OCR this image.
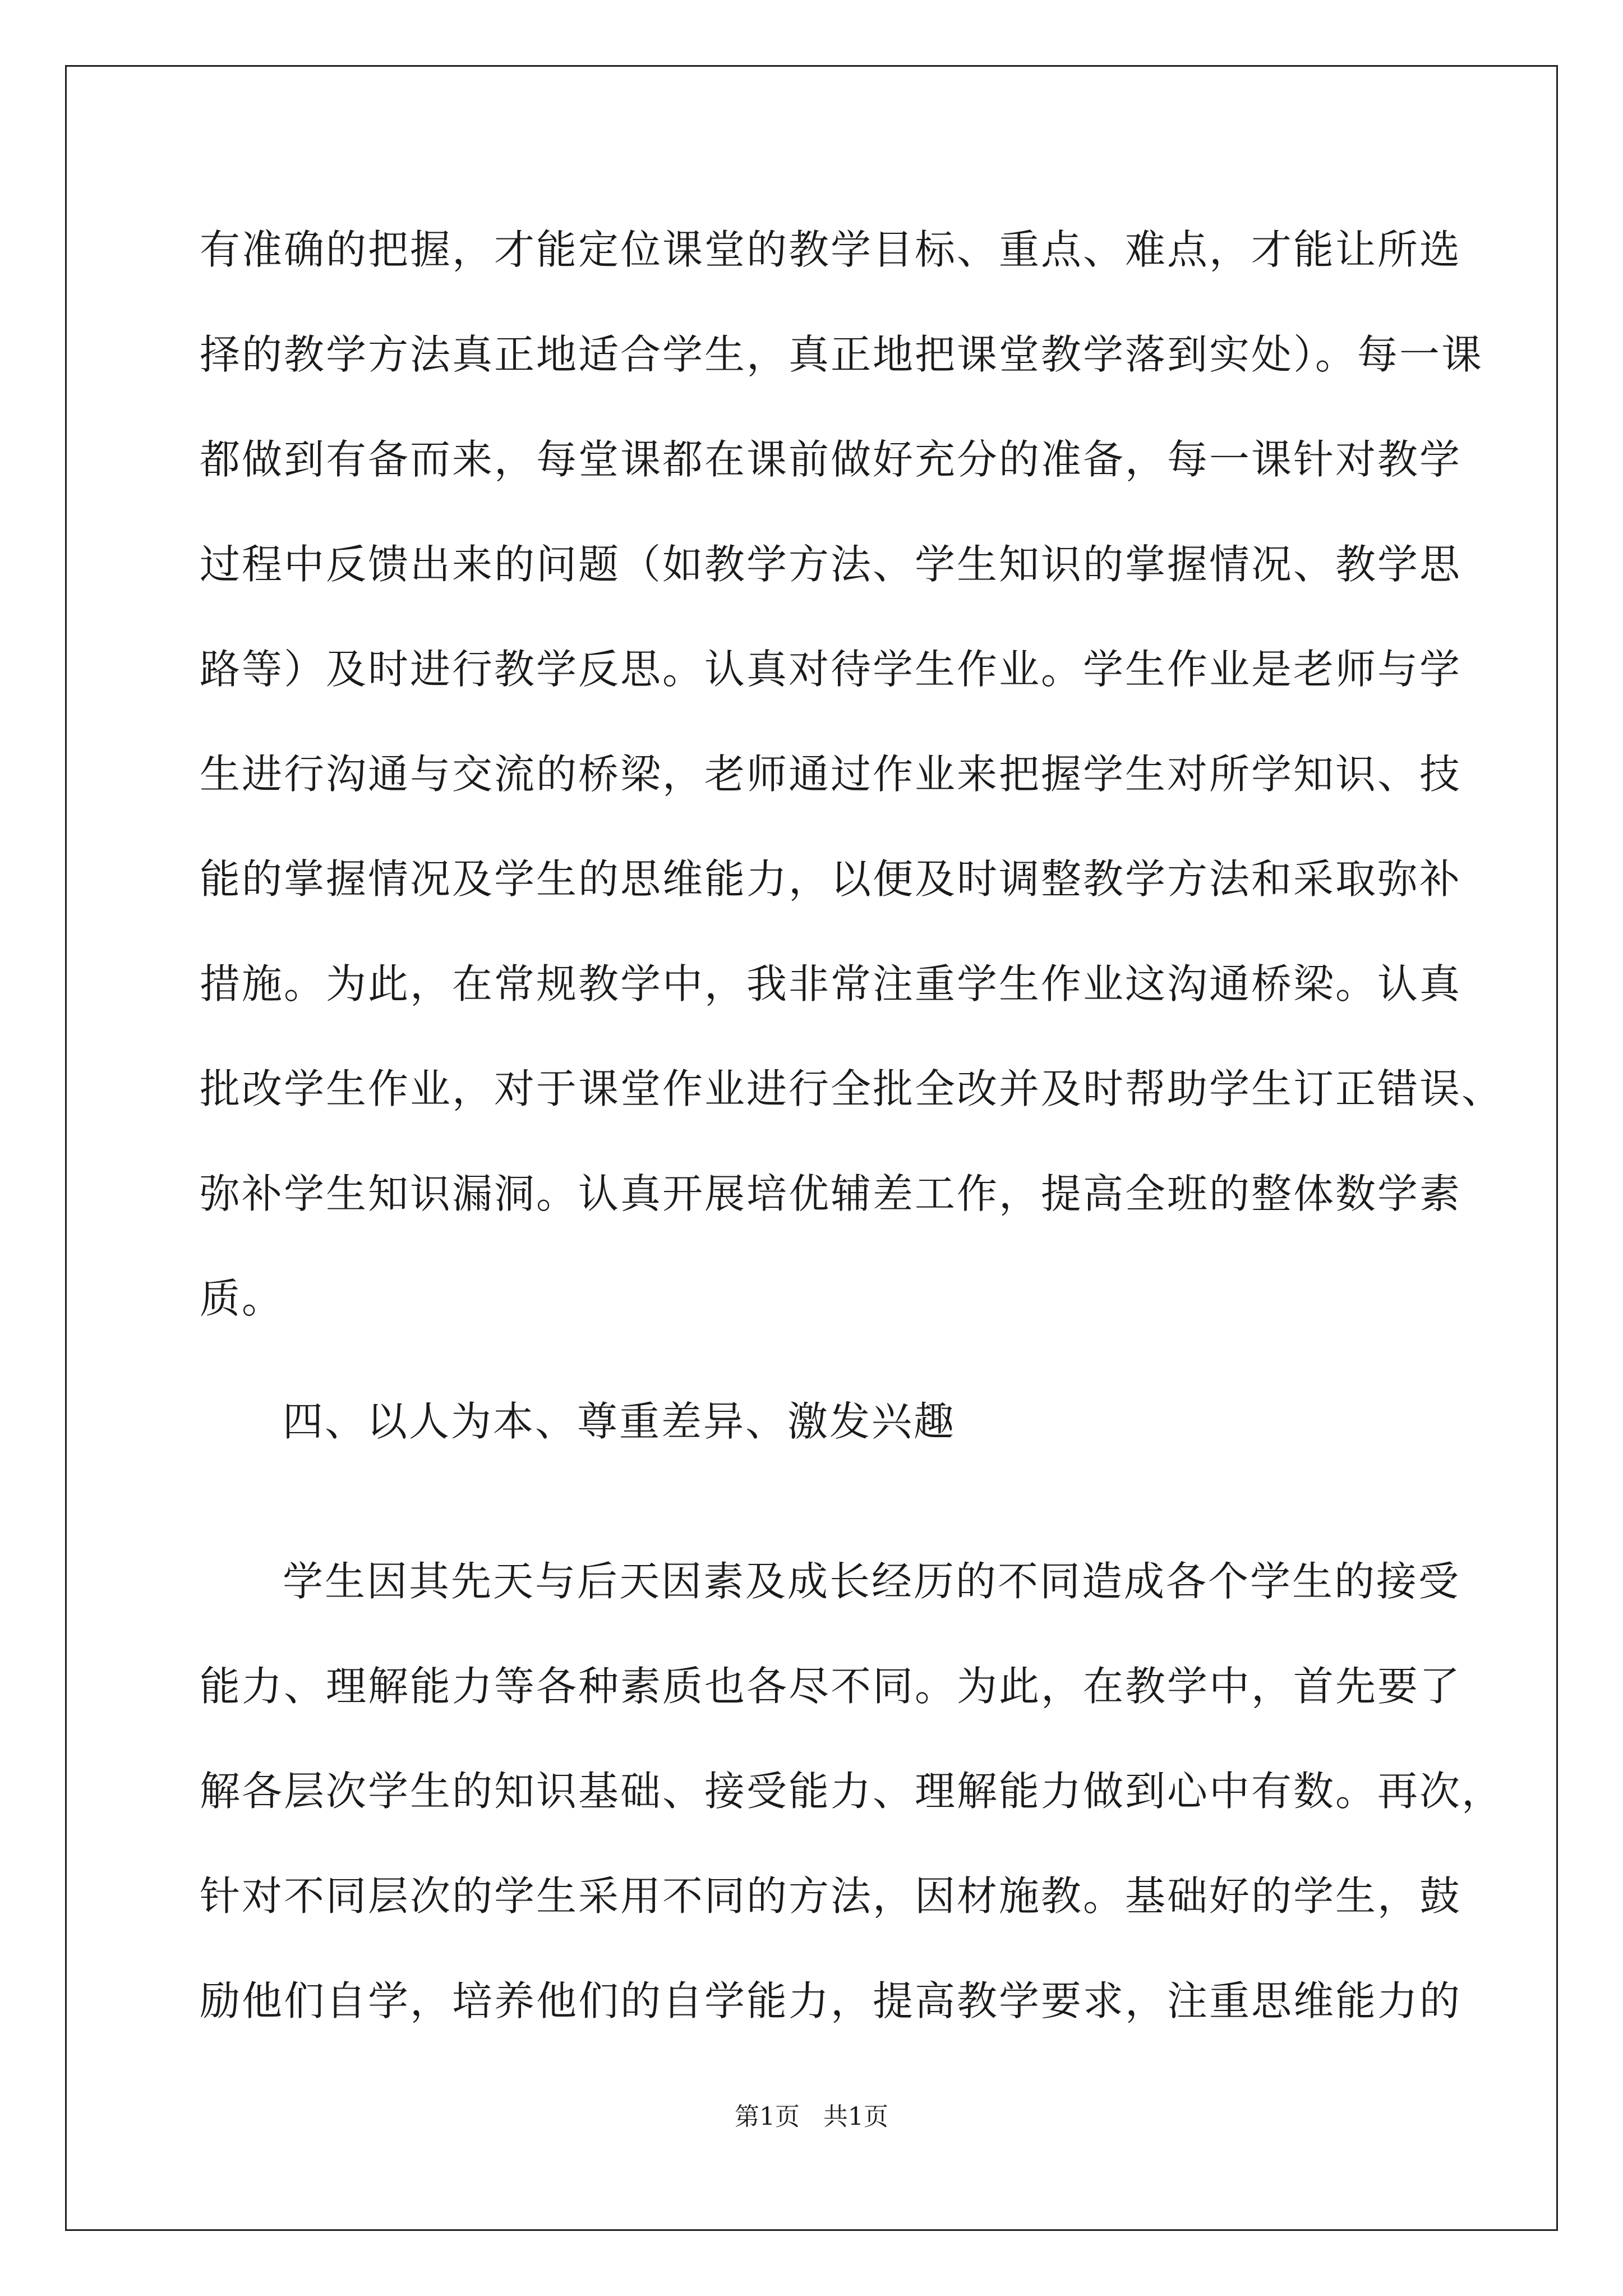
有准确的把握，才能定位课堂的教学目标、重点、难点，才能让所选
择的教学方法真正地适合学生，真正地把课堂教学落到实处）。每一课
都做到有备而来，每堂课都在课前做好充分的准备，每一课针对教学
过程中反馈出来的问题（如教学方法、学生知识的掌握情况、教学思
路等）及时进行教学反思。认真对待学生作业。学生作业是老师与学
生进行沟通与交流的桥梁，老师通过作业来把握学生对所学知识、技
能的掌握情况及学生的思维能力，以便及时调整教学方法和采取弥补
措施。为此，在常规教学中，我非常注重学生作业这沟通桥梁。认真
批改学生作业，对于课堂作业进行全批全改并及时帮助学生订正错误、
弥补学生知识漏洞。认真开展培优辅差工作，提高全班的整体数学素
质。
四、以人为本、尊重差异、激发兴趣
学生因其先天与后天因素及成长经历的不同造成各个学生的接受
能力、理解能力等各种素质也各尽不同。为此，在教学中，首先要了
解各层次学生的知识基础、接受能力、理解能力做到心中有数。再次，
针对不同层次的学生采用不同的方法，因材施教。基础好的学生，鼓
励他们自学，培养他们的自学能力，提高教学要求，注重思维能力的
第1页   共1页
